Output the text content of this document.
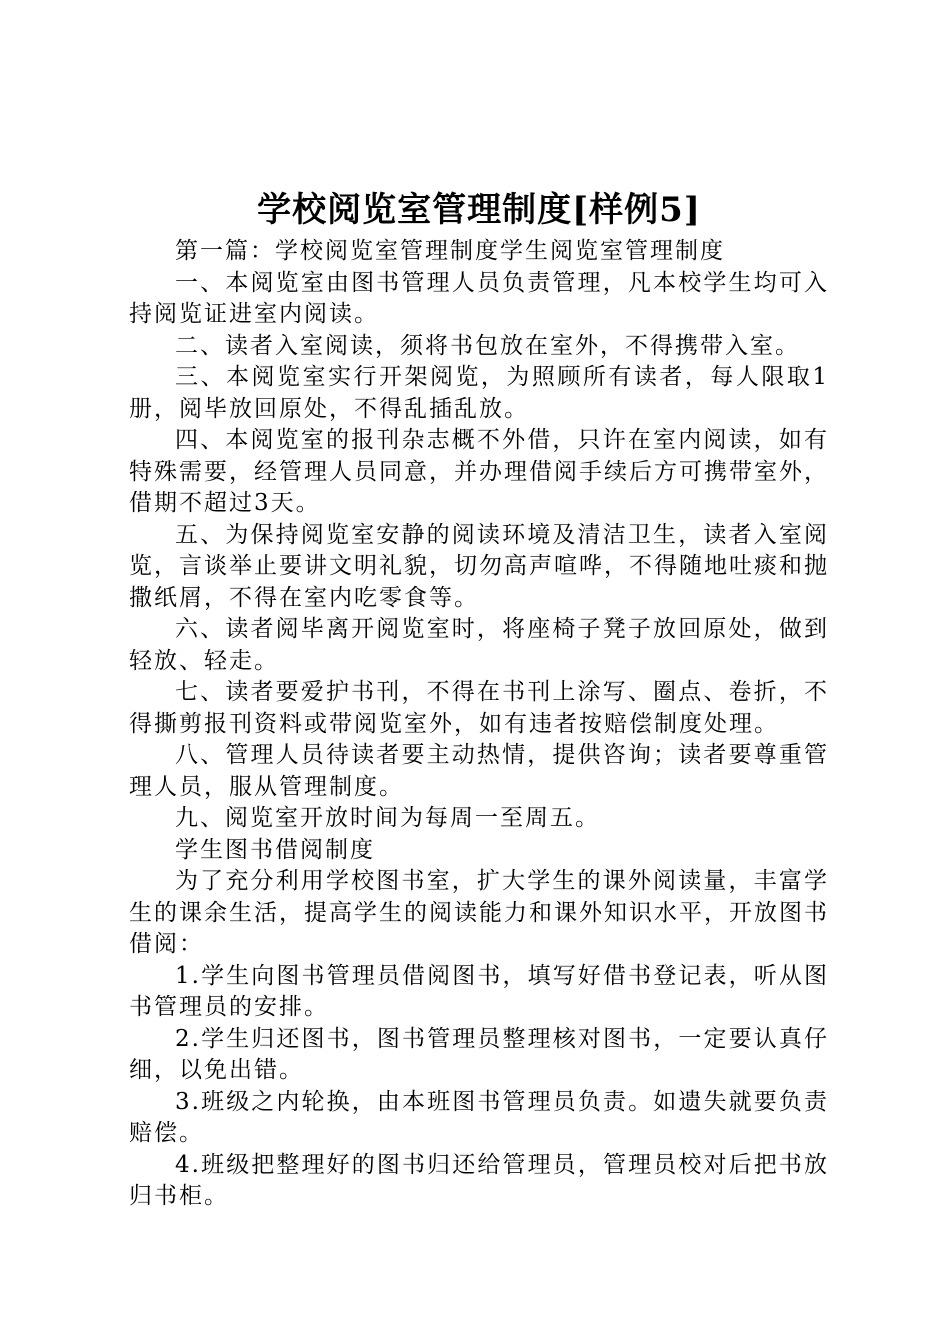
学校阅览室管理制度[样例5]

第一篇：学校阅览室管理制度学生阅览室管理制度

一、本阅览室由图书管理人员负责管理，凡本校学生均可入持阅览证进室内阅读。

二、读者入室阅读，须将书包放在室外，不得携带入室。

三、本阅览室实行开架阅览，为照顾所有读者，每人限取1册，阅毕放回原处，不得乱插乱放。

四、本阅览室的报刊杂志概不外借，只许在室内阅读，如有特殊需要，经管理人员同意，并办理借阅手续后方可携带室外，借期不超过3天。

五、为保持阅览室安静的阅读环境及清洁卫生，读者入室阅览，言谈举止要讲文明礼貌，切勿高声喧哗，不得随地吐痰和抛撒纸屑，不得在室内吃零食等。

六、读者阅毕离开阅览室时，将座椅子凳子放回原处，做到轻放、轻走。

七、读者要爱护书刊，不得在书刊上涂写、圈点、卷折，不得撕剪报刊资料或带阅览室外，如有违者按赔偿制度处理。

八、管理人员待读者要主动热情，提供咨询；读者要尊重管理人员，服从管理制度。

九、阅览室开放时间为每周一至周五。

学生图书借阅制度

为了充分利用学校图书室，扩大学生的课外阅读量，丰富学生的课余生活，提高学生的阅读能力和课外知识水平，开放图书借阅：

1.学生向图书管理员借阅图书，填写好借书登记表，听从图书管理员的安排。

2.学生归还图书，图书管理员整理核对图书，一定要认真仔细，以免出错。

3.班级之内轮换，由本班图书管理员负责。如遗失就要负责赔偿。

4.班级把整理好的图书归还给管理员，管理员校对后把书放归书柜。
